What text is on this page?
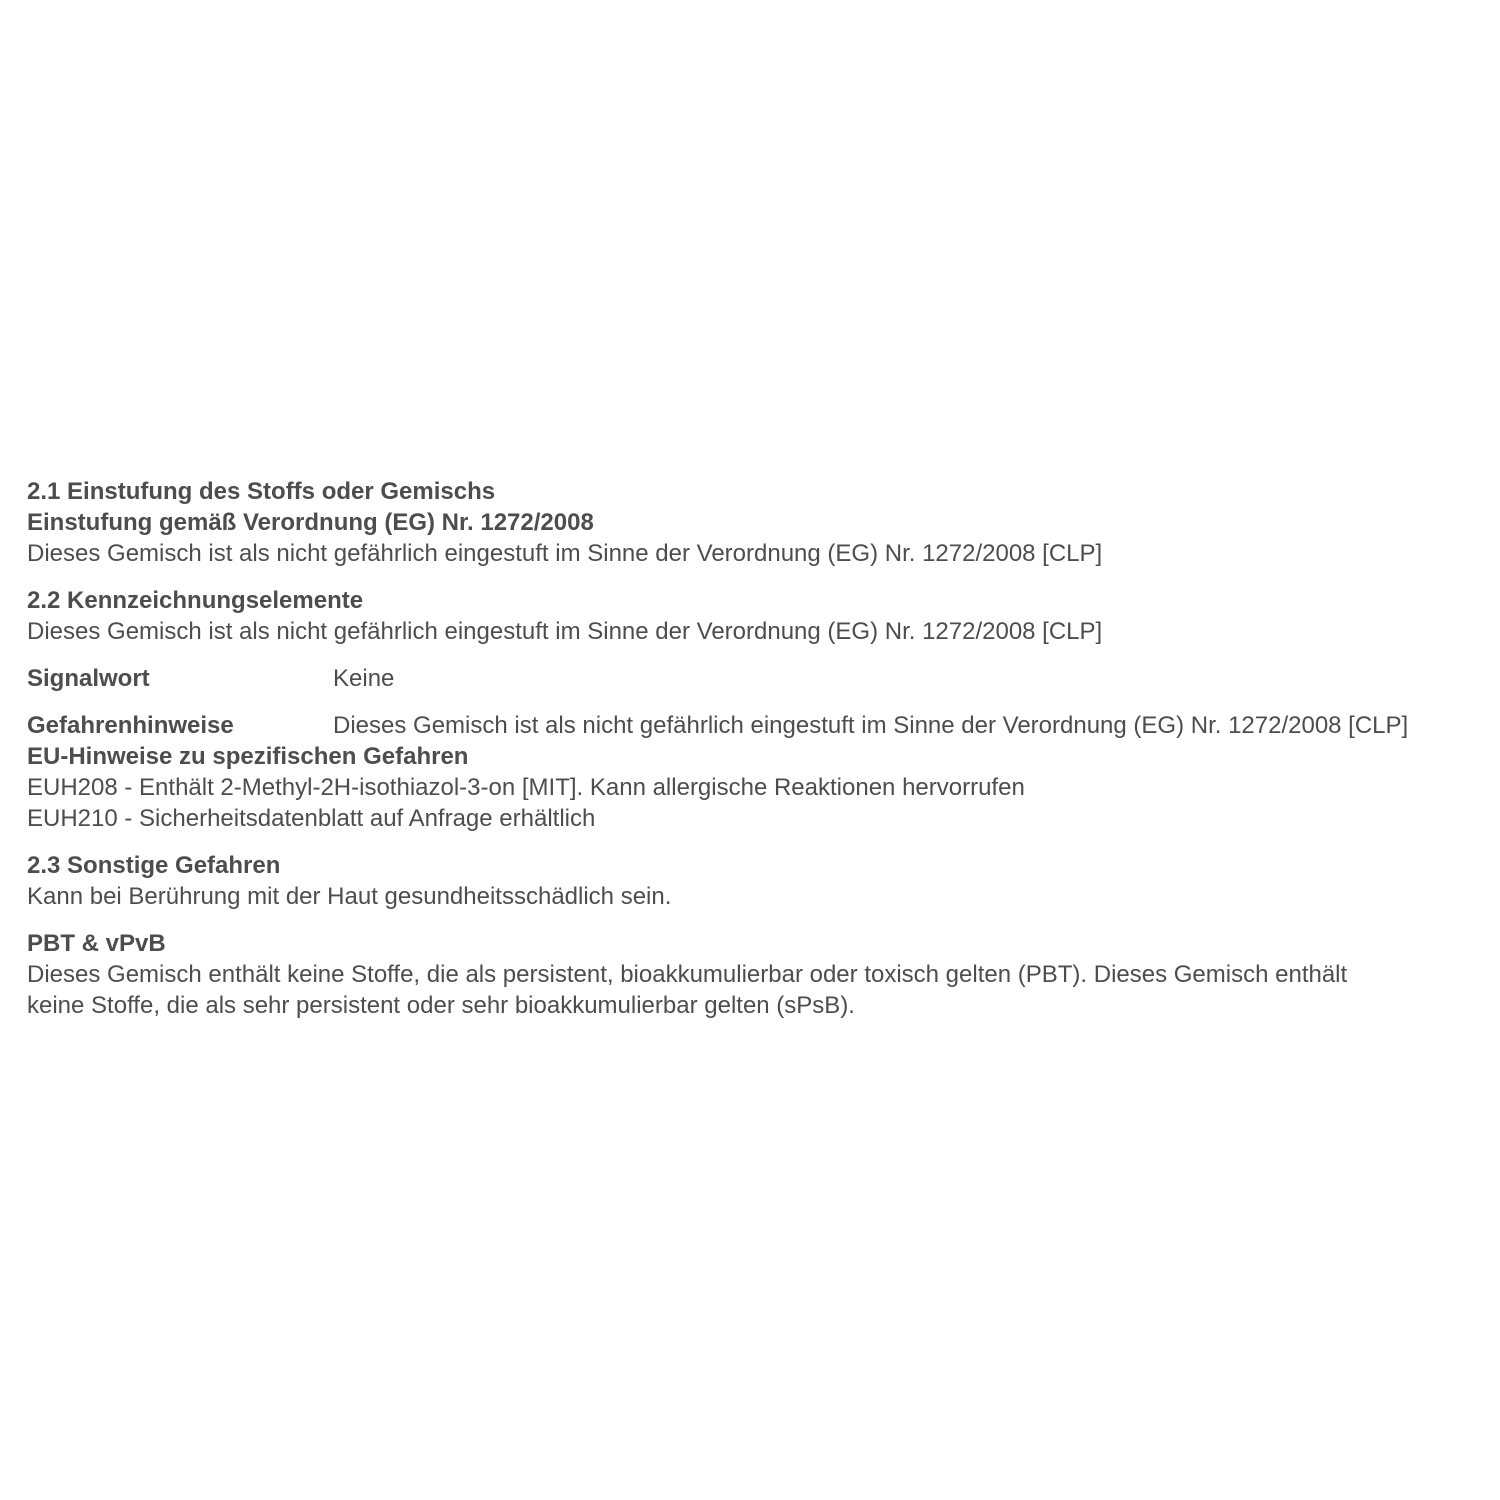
2.1 Einstufung des Stoffs oder Gemischs

Einstufung gemäß Verordnung (EG) Nr. 1272/2008

Dieses Gemisch ist als nicht gefährlich eingestuft im Sinne der Verordnung (EG) Nr. 1272/2008 [CLP]

2.2 Kennzeichnungselemente

Dieses Gemisch ist als nicht gefährlich eingestuft im Sinne der Verordnung (EG) Nr. 1272/2008 [CLP]

Signalwort	Keine
Gefahrenhinweise	Dieses Gemisch ist als nicht gefährlich eingestuft im Sinne der Verordnung (EG) Nr. 1272/2008 [CLP]

EU-Hinweise zu spezifischen Gefahren

EUH208 - Enthält 2-Methyl-2H-isothiazol-3-on [MIT]. Kann allergische Reaktionen hervorrufen

EUH210 - Sicherheitsdatenblatt auf Anfrage erhältlich

2.3 Sonstige Gefahren

Kann bei Berührung mit der Haut gesundheitsschädlich sein.

PBT & vPvB

Dieses Gemisch enthält keine Stoffe, die als persistent, bioakkumulierbar oder toxisch gelten (PBT). Dieses Gemisch enthält

keine Stoffe, die als sehr persistent oder sehr bioakkumulierbar gelten (sPsB).
